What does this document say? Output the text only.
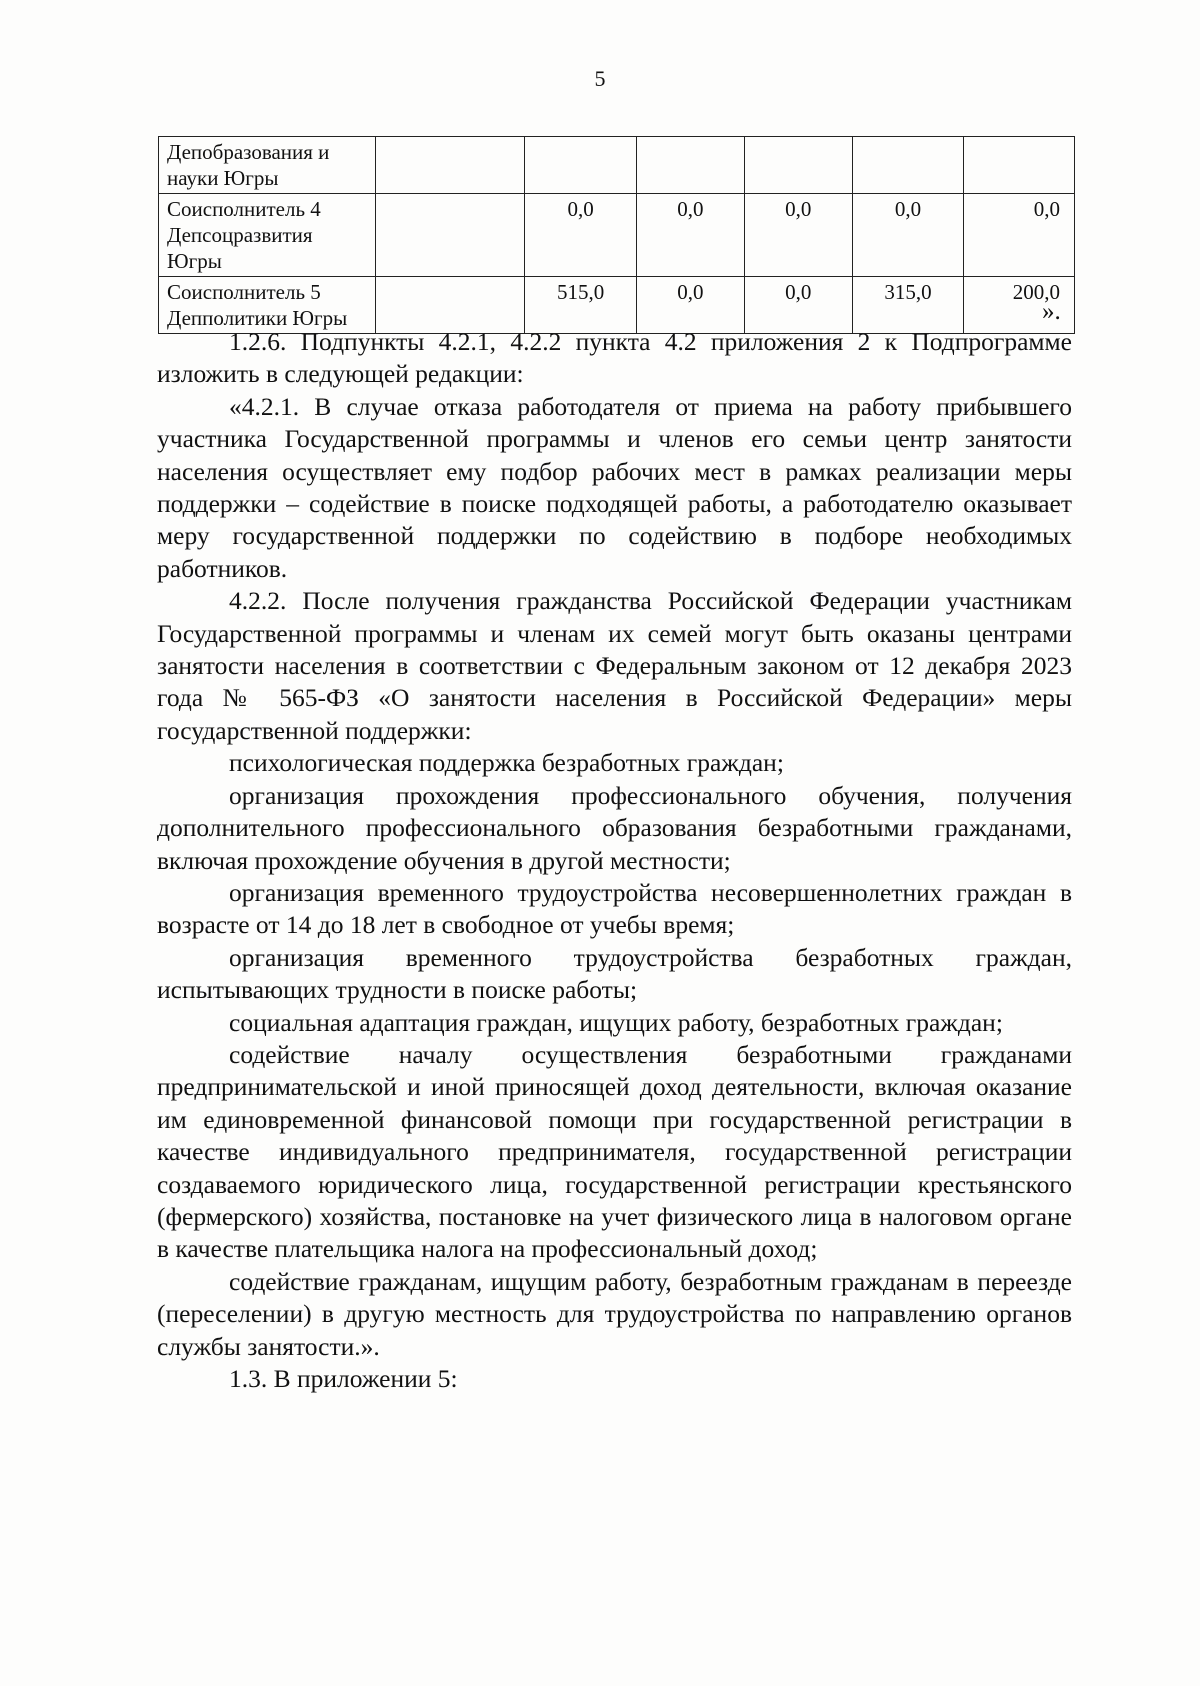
5
Депобразования и науки Югры						
Соисполнитель 4 Депсоцразвития Югры		0,0	0,0	0,0	0,0	0,0
Соисполнитель 5 Депполитики Югры		515,0	0,0	0,0	315,0	200,0
».

1.2.6. Подпункты 4.2.1, 4.2.2 пункта 4.2 приложения 2 к Подпрограмме изложить в следующей редакции:

«4.2.1. В случае отказа работодателя от приема на работу прибывшего участника Государственной программы и членов его семьи центр занятости населения осуществляет ему подбор рабочих мест в рамках реализации меры поддержки – содействие в поиске подходящей работы, а работодателю оказывает меру государственной поддержки по содействию в подборе необходимых работников.

4.2.2. После получения гражданства Российской Федерации участникам Государственной программы и членам их семей могут быть оказаны центрами занятости населения в соответствии с Федеральным законом от 12 декабря 2023 года № 565-ФЗ «О занятости населения в Российской Федерации» меры государственной поддержки:

психологическая поддержка безработных граждан;

организация прохождения профессионального обучения, получения дополнительного профессионального образования безработными гражданами, включая прохождение обучения в другой местности;

организация временного трудоустройства несовершеннолетних граждан в возрасте от 14 до 18 лет в свободное от учебы время;

организация временного трудоустройства безработных граждан, испытывающих трудности в поиске работы;

социальная адаптация граждан, ищущих работу, безработных граждан;

содействие началу осуществления безработными гражданами предпринимательской и иной приносящей доход деятельности, включая оказание им единовременной финансовой помощи при государственной регистрации в качестве индивидуального предпринимателя, государственной регистрации создаваемого юридического лица, государственной регистрации крестьянского (фермерского) хозяйства, постановке на учет физического лица в налоговом органе в качестве плательщика налога на профессиональный доход;

содействие гражданам, ищущим работу, безработным гражданам в переезде (переселении) в другую местность для трудоустройства по направлению органов службы занятости.».

1.3. В приложении 5:
